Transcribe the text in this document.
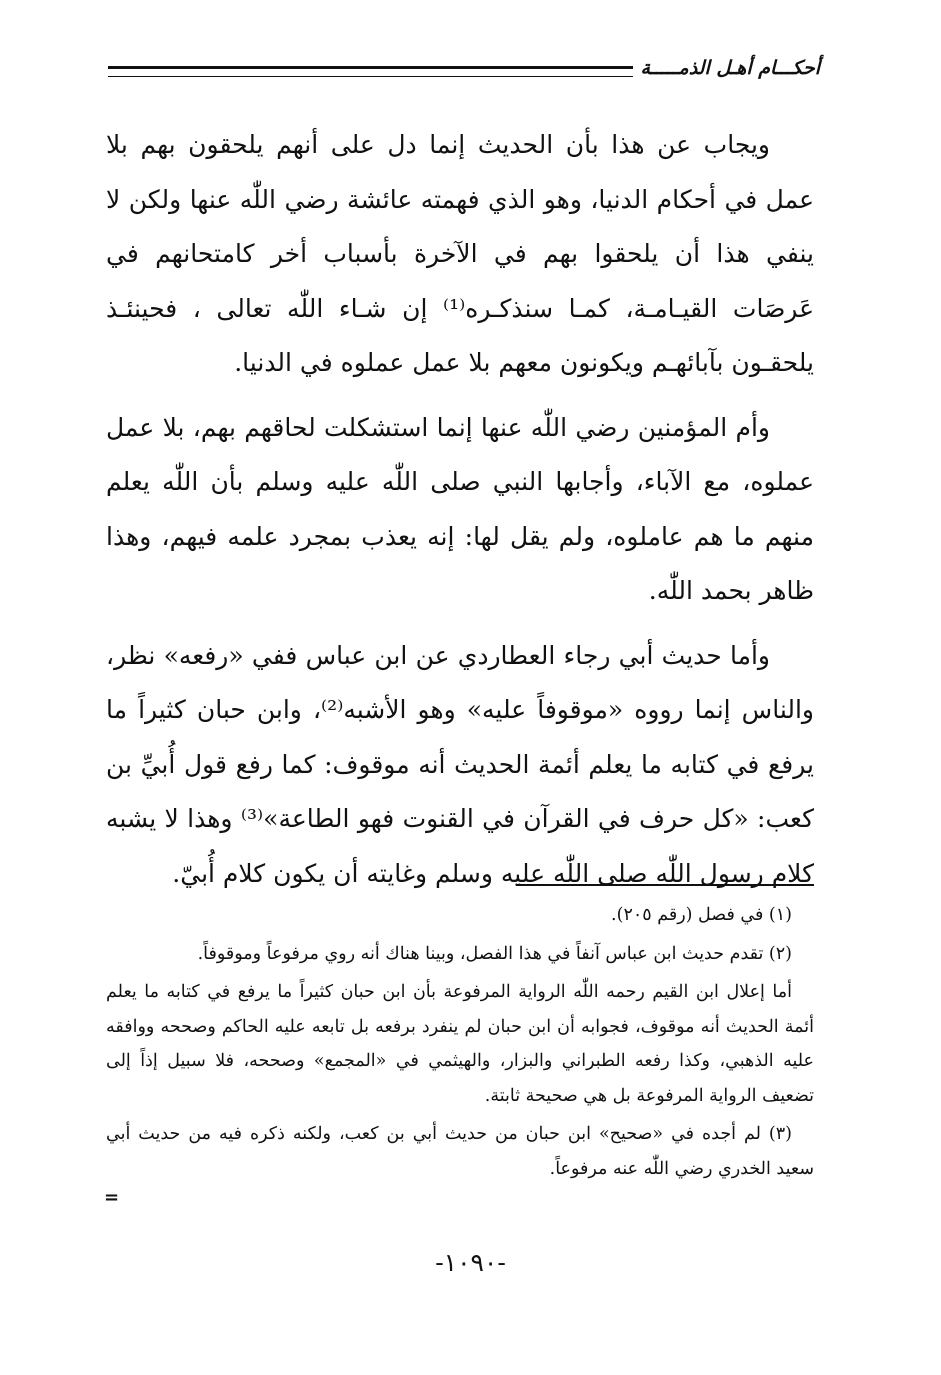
أحكـــام أهـل الذمـــــة

ويجاب عن هذا بأن الحديث إنما دل على أنهم يلحقون بهم بلا عمل في أحكام الدنيا، وهو الذي فهمته عائشة رضي اللّٰه عنها ولكن لا ينفي هذا أن يلحقوا بهم في الآخرة بأسباب أخر كامتحانهم في عَرصَات القيـامـة، كمـا سنذكـره⁽¹⁾ إن شـاء اللّٰه تعالى ، فحينئـذ يلحقـون بآبائهـم ويكونون معهم بلا عمل عملوه في الدنيا.

وأم المؤمنين رضي اللّٰه عنها إنما استشكلت لحاقهم بهم، بلا عمل عملوه، مع الآباء، وأجابها النبي صلى اللّٰه عليه وسلم بأن اللّٰه يعلم منهم ما هم عاملوه، ولم يقل لها: إنه يعذب بمجرد علمه فيهم، وهذا ظاهر بحمد اللّٰه.

وأما حديث أبي رجاء العطاردي عن ابن عباس ففي «رفعه» نظر، والناس إنما رووه «موقوفاً عليه» وهو الأشبه⁽²⁾، وابن حبان كثيراً ما يرفع في كتابه ما يعلم أئمة الحديث أنه موقوف: كما رفع قول أُبيِّ بن كعب: «كل حرف في القرآن في القنوت فهو الطاعة»⁽³⁾ وهذا لا يشبه كلام رسول اللّٰه صلى اللّٰه عليه وسلم وغايته أن يكون كلام أُبيّ.

(١) في فصل (رقم ٢٠٥).

(٢) تقدم حديث ابن عباس آنفاً في هذا الفصل، وبينا هناك أنه روي مرفوعاً وموقوفاً.

أما إعلال ابن القيم رحمه اللّٰه الرواية المرفوعة بأن ابن حبان كثيراً ما يرفع في كتابه ما يعلم أئمة الحديث أنه موقوف، فجوابه أن ابن حبان لم ينفرد برفعه بل تابعه عليه الحاكم وصححه ووافقه عليه الذهبي، وكذا رفعه الطبراني والبزار، والهيثمي في «المجمع» وصححه، فلا سبيل إذاً إلى تضعيف الرواية المرفوعة بل هي صحيحة ثابتة.

(٣) لم أجده في «صحيح» ابن حبان من حديث أبي بن كعب، ولكنه ذكره فيه من حديث أبي سعيد الخدري رضي اللّٰه عنه مرفوعاً.

=
-١٠٩٠-
